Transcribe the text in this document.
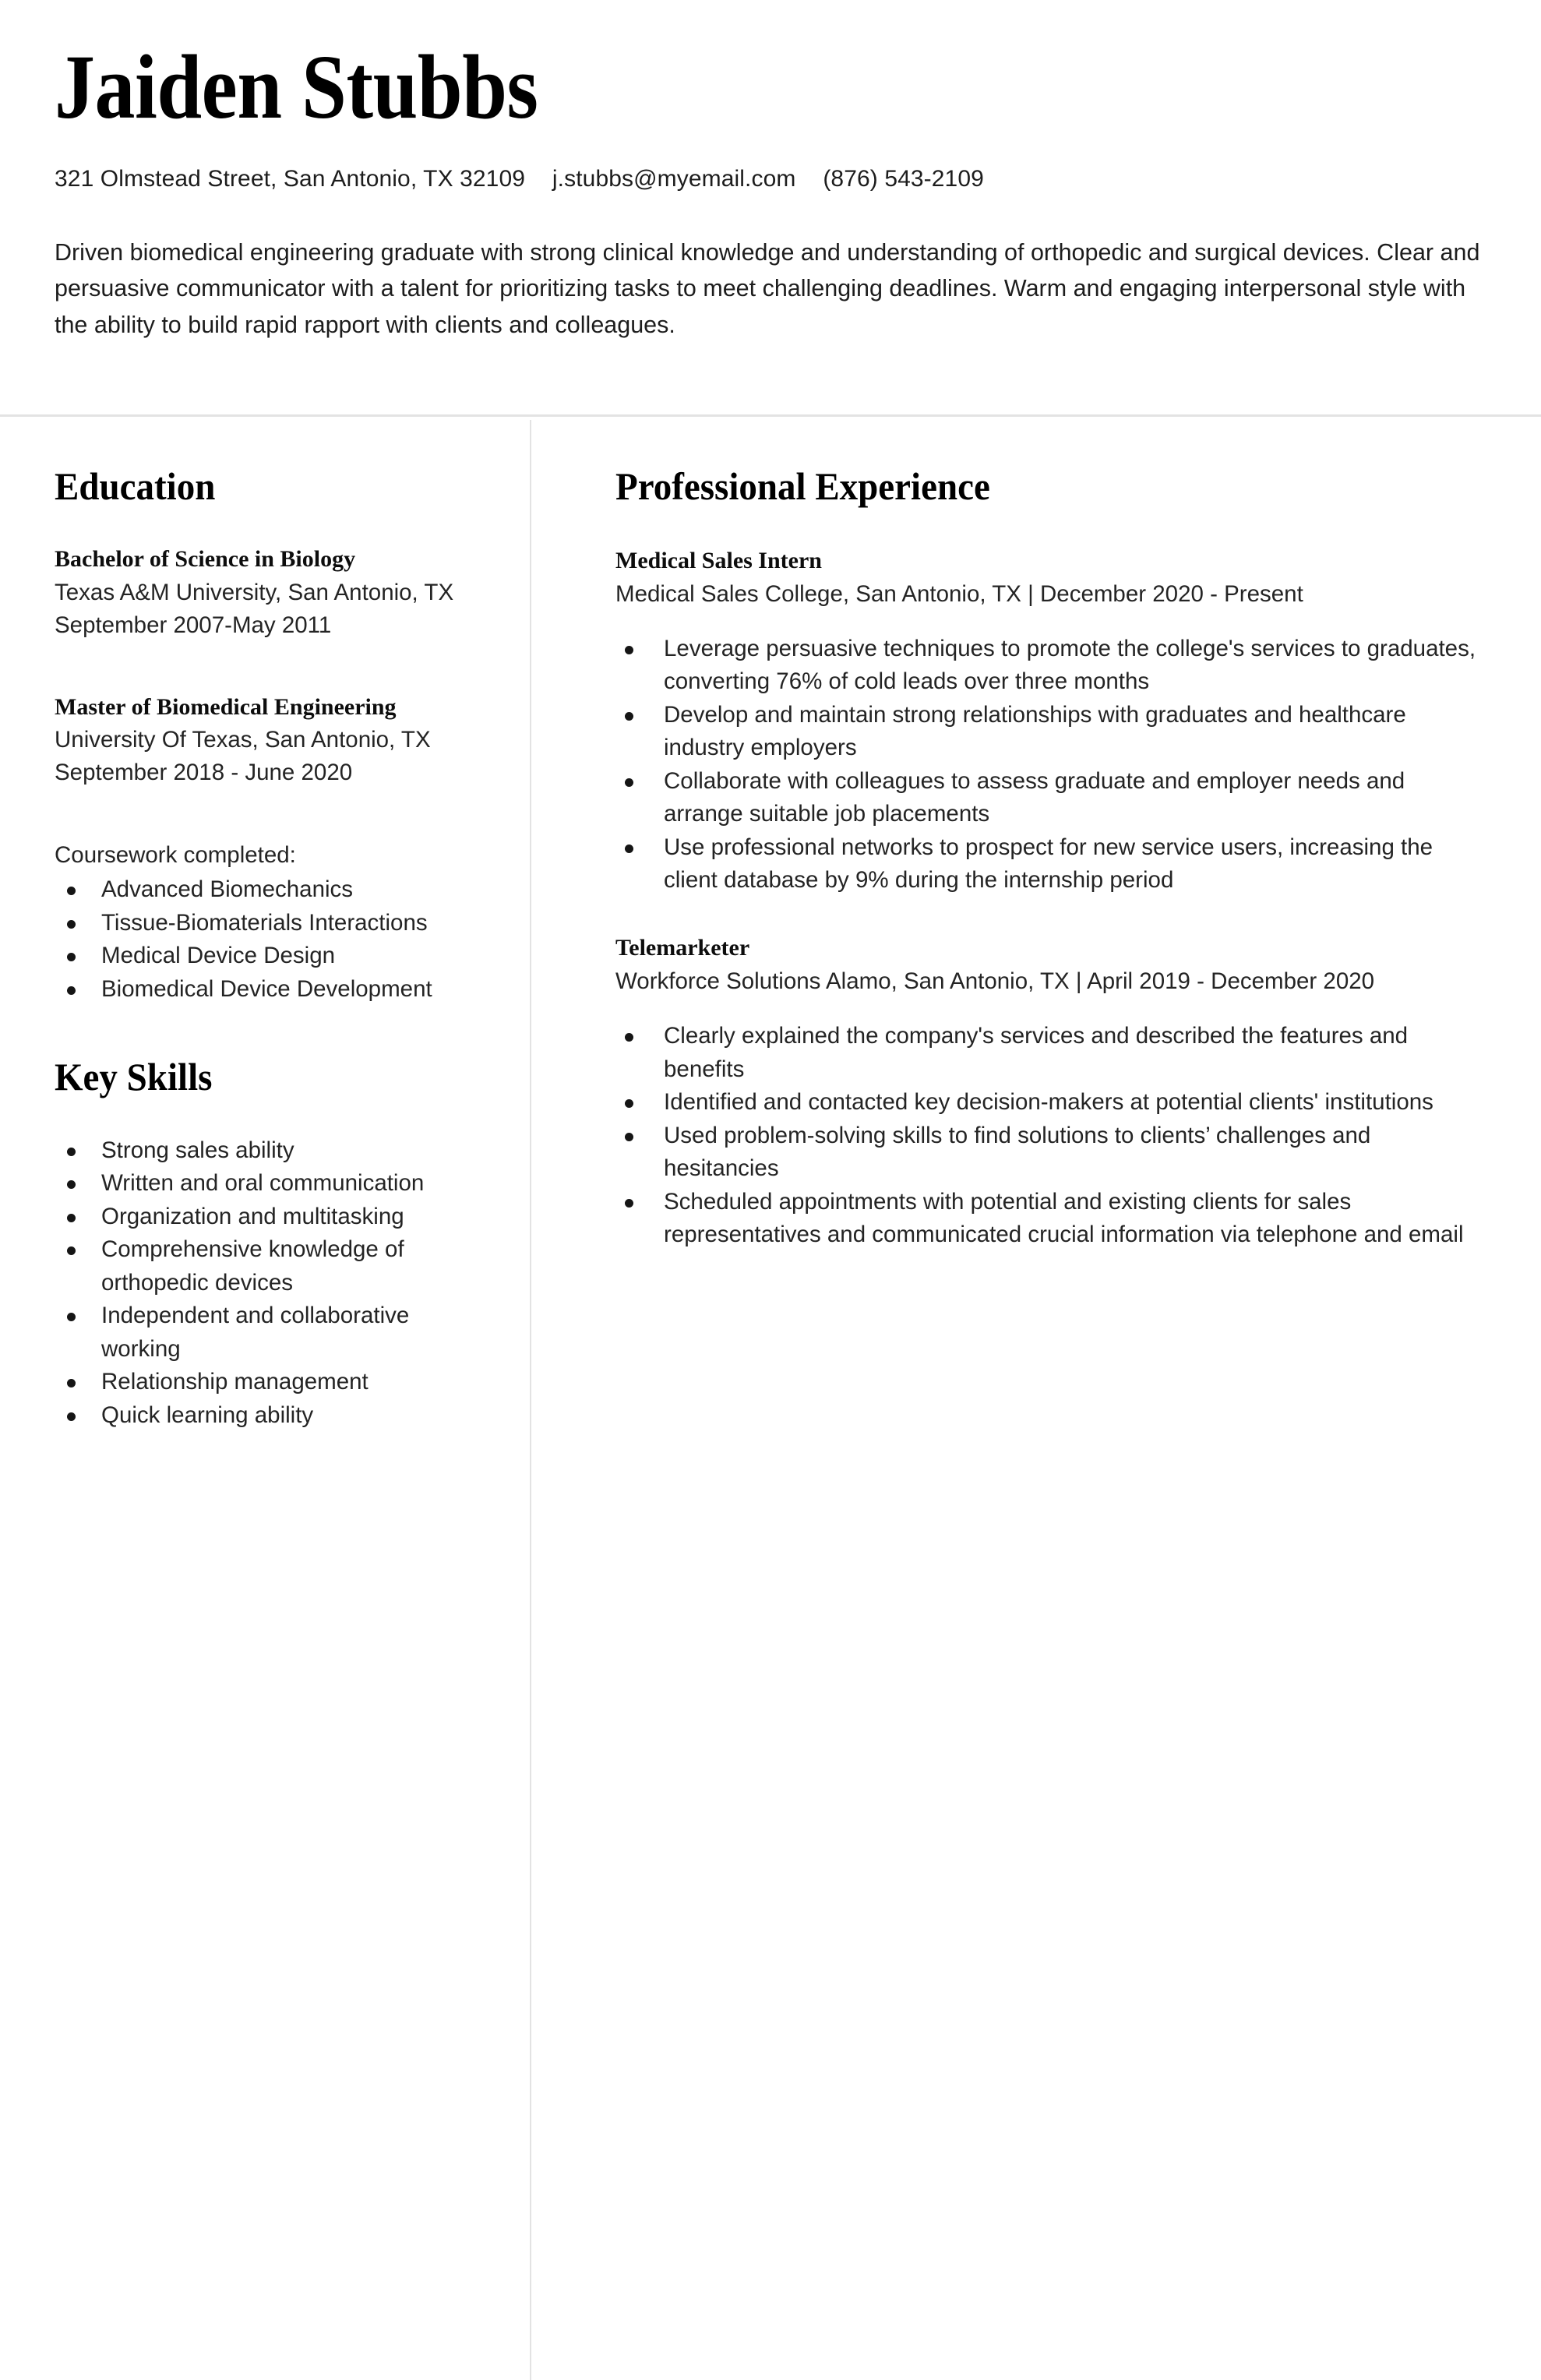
Jaiden Stubbs
321 Olmstead Street, San Antonio, TX 32109 j.stubbs@myemail.com (876) 543-2109

Driven biomedical engineering graduate with strong clinical knowledge and understanding of orthopedic and surgical devices. Clear and persuasive communicator with a talent for prioritizing tasks to meet challenging deadlines. Warm and engaging interpersonal style with the ability to build rapid rapport with clients and colleagues.

Education
Bachelor of Science in Biology
Texas A&M University, San Antonio, TX
September 2007-May 2011
Master of Biomedical Engineering
University Of Texas, San Antonio, TX
September 2018 - June 2020
Coursework completed:
Advanced Biomechanics
Tissue-Biomaterials Interactions
Medical Device Design
Biomedical Device Development
Key Skills
Strong sales ability
Written and oral communication
Organization and multitasking
Comprehensive knowledge of orthopedic devices
Independent and collaborative working
Relationship management
Quick learning ability
Professional Experience
Medical Sales Intern
Medical Sales College, San Antonio, TX | December 2020 - Present
Leverage persuasive techniques to promote the college's services to graduates, converting 76% of cold leads over three months
Develop and maintain strong relationships with graduates and healthcare industry employers
Collaborate with colleagues to assess graduate and employer needs and arrange suitable job placements
Use professional networks to prospect for new service users, increasing the client database by 9% during the internship period
Telemarketer
Workforce Solutions Alamo, San Antonio, TX | April 2019 - December 2020
Clearly explained the company's services and described the features and benefits
Identified and contacted key decision-makers at potential clients' institutions
Used problem-solving skills to find solutions to clients’ challenges and hesitancies
Scheduled appointments with potential and existing clients for sales representatives and communicated crucial information via telephone and email
